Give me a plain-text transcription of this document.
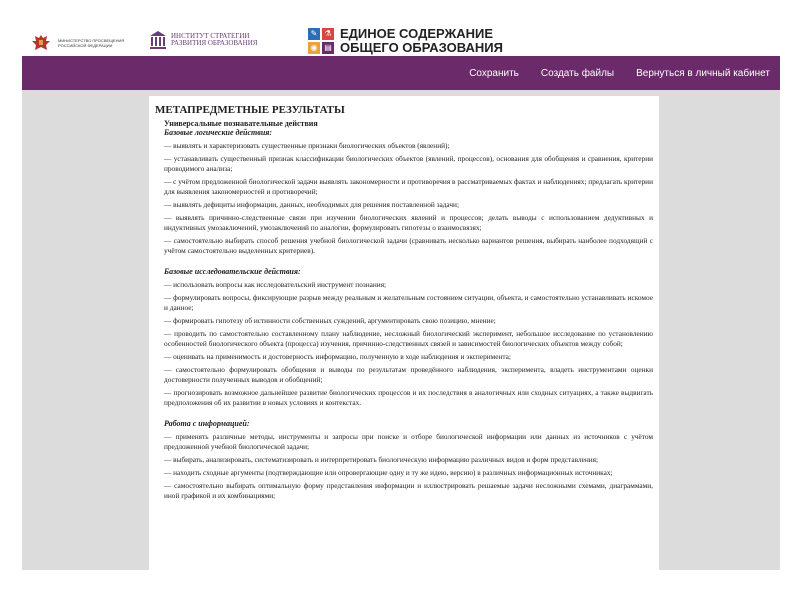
МИНИСТЕРСТВО ПРОСВЕЩЕНИЯ РОССИЙСКОЙ ФЕДЕРАЦИИ
ИНСТИТУТ СТРАТЕГИИ РАЗВИТИЯ ОБРАЗОВАНИЯ
✎ ⚗
◉ ▤
ЕДИНОЕ СОДЕРЖАНИЕ
ОБЩЕГО ОБРАЗОВАНИЯ
Сохранить Создать файлы Вернуться в личный кабинет
МЕТАПРЕДМЕТНЫЕ РЕЗУЛЬТАТЫ
Универсальные познавательные действия
Базовые логические действия:
— выявлять и характеризовать существенные признаки биологических объектов (явлений);
— устанавливать существенный признак классификации биологических объектов (явлений, процессов), основания для обобщения и сравнения, критерии проводимого анализа;
— с учётом предложенной биологической задачи выявлять закономерности и противоречия в рассматриваемых фактах и наблюдениях; предлагать критерии для выявления закономерностей и противоречий;
— выявлять дефициты информации, данных, необходимых для решения поставленной задачи;
— выявлять причинно-следственные связи при изучении биологических явлений и процессов; делать выводы с использованием дедуктивных и индуктивных умозаключений, умозаключений по аналогии, формулировать гипотезы о взаимосвязях;
— самостоятельно выбирать способ решения учебной биологической задачи (сравнивать несколько вариантов решения, выбирать наиболее подходящий с учётом самостоятельно выделенных критериев).
Базовые исследовательские действия:
— использовать вопросы как исследовательский инструмент познания;
— формулировать вопросы, фиксирующие разрыв между реальным и желательным состоянием ситуации, объекта, и самостоятельно устанавливать искомое и данное;
— формировать гипотезу об истинности собственных суждений, аргументировать свою позицию, мнение;
— проводить по самостоятельно составленному плану наблюдение, несложный биологический эксперимент, небольшое исследование по установлению особенностей биологического объекта (процесса) изучения, причинно-следственных связей и зависимостей биологических объектов между собой;
— оценивать на применимость и достоверность информацию, полученную в ходе наблюдения и эксперимента;
— самостоятельно формулировать обобщения и выводы по результатам проведённого наблюдения, эксперимента, владеть инструментами оценки достоверности полученных выводов и обобщений;
— прогнозировать возможное дальнейшее развитие биологических процессов и их последствия в аналогичных или сходных ситуациях, а также выдвигать предположения об их развитии в новых условиях и контекстах.
Работа с информацией:
— применять различные методы, инструменты и запросы при поиске и отборе биологической информации или данных из источников с учётом предложенной учебной биологической задачи;
— выбирать, анализировать, систематизировать и интерпретировать биологическую информацию различных видов и форм представления;
— находить сходные аргументы (подтверждающие или опровергающие одну и ту же идею, версию) в различных информационных источниках;
— самостоятельно выбирать оптимальную форму представления информации и иллюстрировать решаемые задачи несложными схемами, диаграммами, иной графикой и их комбинациями;
